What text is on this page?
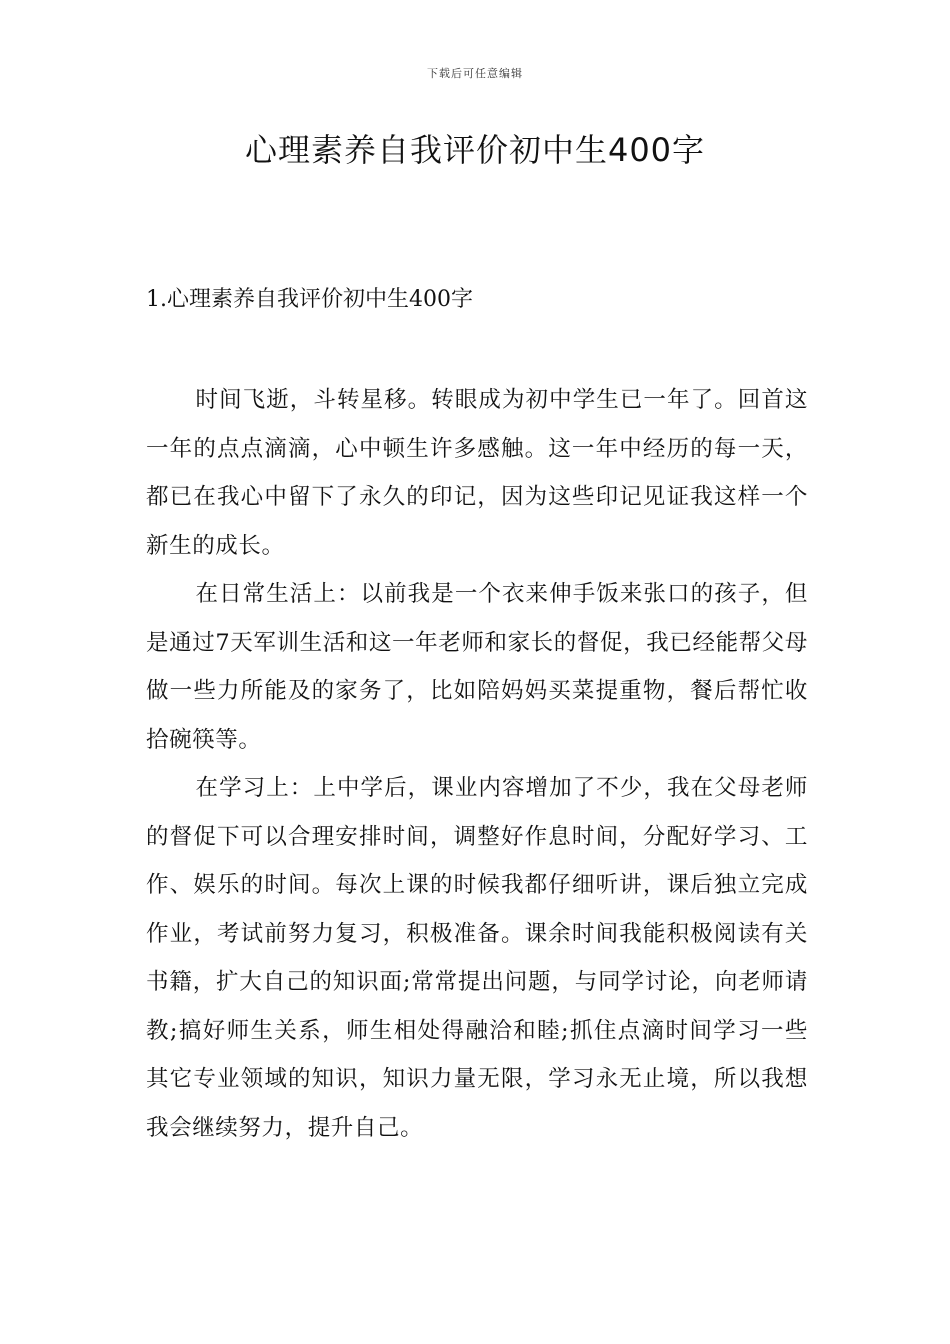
下载后可任意编辑
心理素养自我评价初中生400字
1.心理素养自我评价初中生400字

时间飞逝，斗转星移。转眼成为初中学生已一年了。回首这一年的点点滴滴，心中顿生许多感触。这一年中经历的每一天，都已在我心中留下了永久的印记，因为这些印记见证我这样一个新生的成长。

在日常生活上：以前我是一个衣来伸手饭来张口的孩子，但是通过7天军训生活和这一年老师和家长的督促，我已经能帮父母做一些力所能及的家务了，比如陪妈妈买菜提重物，餐后帮忙收拾碗筷等。

在学习上：上中学后，课业内容增加了不少，我在父母老师的督促下可以合理安排时间，调整好作息时间，分配好学习、工作、娱乐的时间。每次上课的时候我都仔细听讲，课后独立完成作业，考试前努力复习，积极准备。课余时间我能积极阅读有关书籍，扩大自己的知识面;常常提出问题，与同学讨论，向老师请教;搞好师生关系，师生相处得融洽和睦;抓住点滴时间学习一些其它专业领域的知识，知识力量无限，学习永无止境，所以我想我会继续努力，提升自己。
